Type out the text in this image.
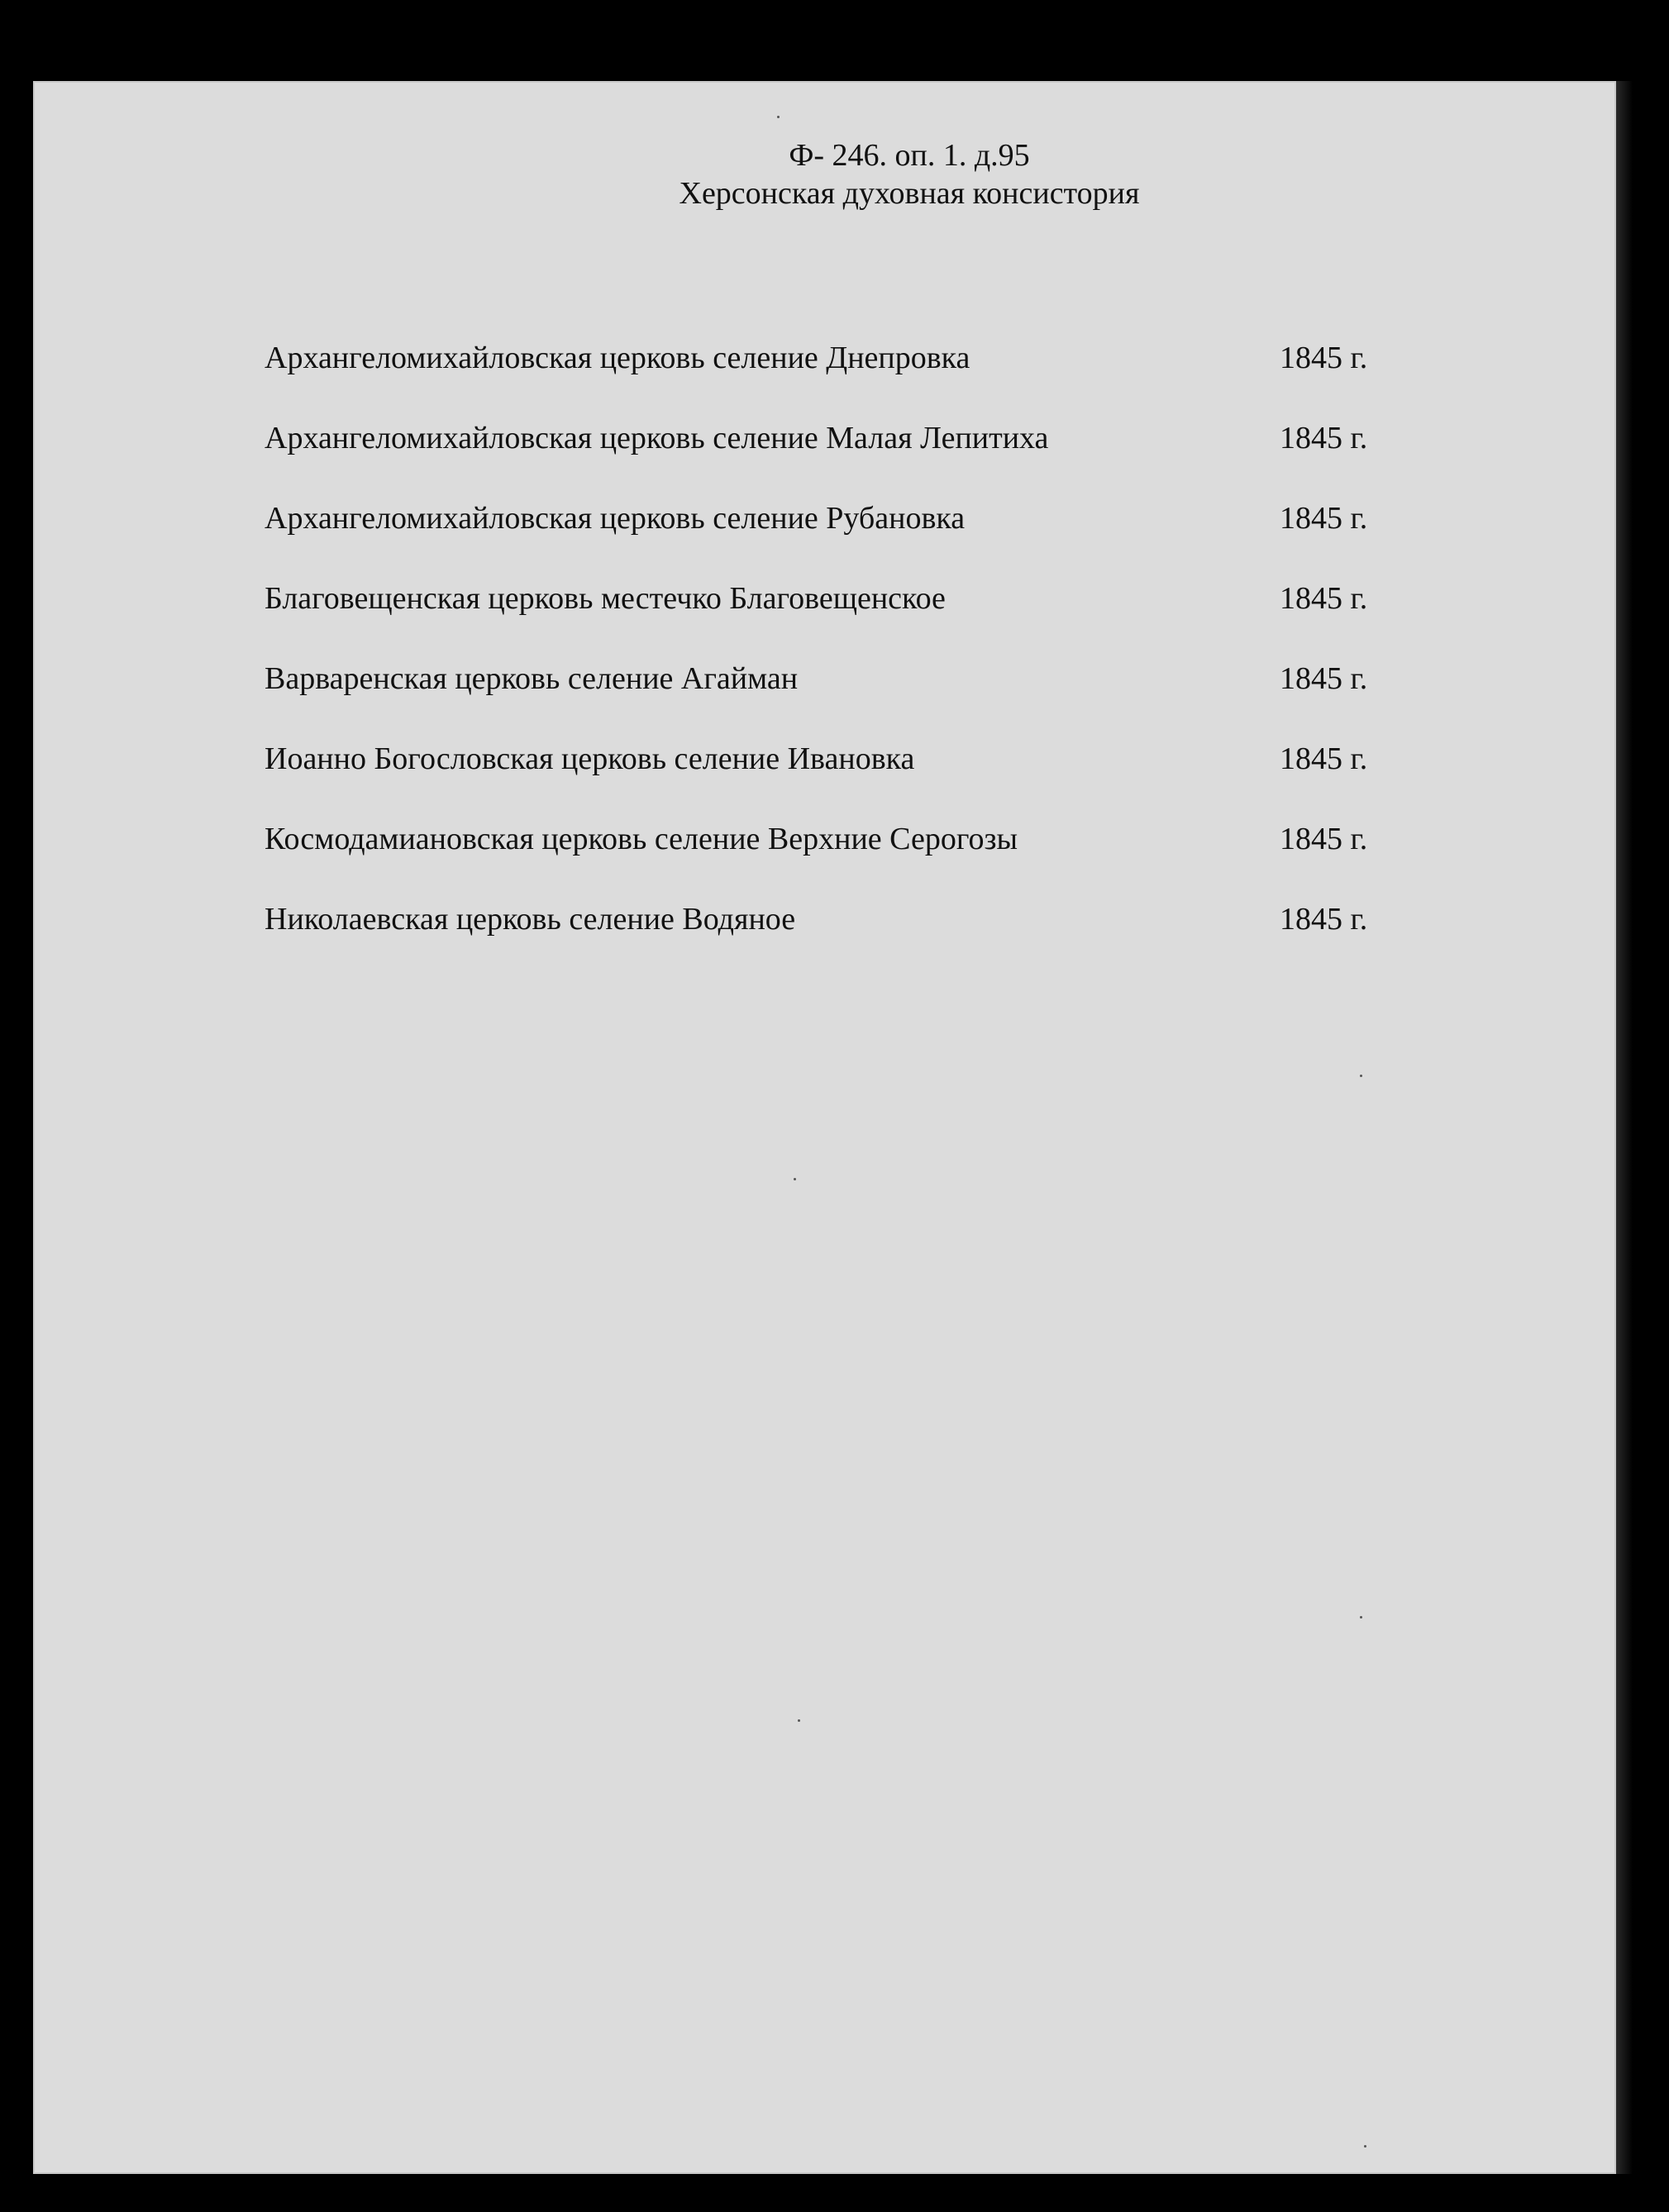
Ф- 246. оп. 1. д.95
Херсонская духовная консистория
Архангеломихайловская церковь селение Днепровка	1845 г.
Архангеломихайловская церковь селение Малая Лепитиха	1845 г.
Архангеломихайловская церковь селение Рубановка	1845 г.
Благовещенская церковь местечко Благовещенское	1845 г.
Варваренская церковь селение Агайман	1845 г.
Иоанно Богословская церковь селение Ивановка	1845 г.
Космодамиановская церковь селение Верхние Серогозы	1845 г.
Николаевская церковь селение Водяное	1845 г.
